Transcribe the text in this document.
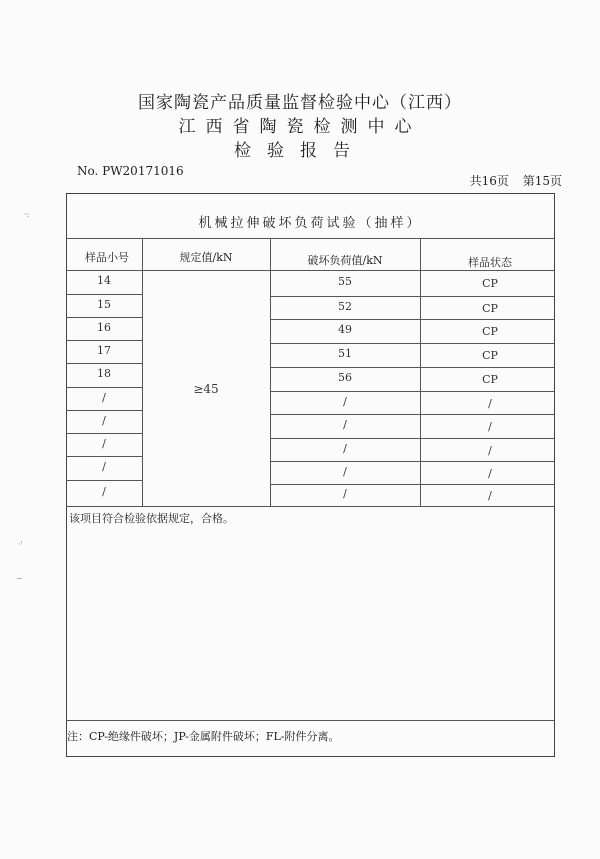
国家陶瓷产品质量监督检验中心（江西）
江西省陶瓷检测中心
检验报告
No. PW20171016
共16页 第15页
机械拉伸破坏负荷试验（抽样）
样品小号	规定值/kN	破坏负荷值/kN	样品状态
≥45
14	55	CP
15	52	CP
16	49	CP
17	51	CP
18	56	CP
/	/	/
/	/	/
/	/	/
/	/	/
/	/	/
该项目符合检验依据规定，合格。
注：CP-绝缘件破坏；JP-金属附件破坏；FL-附件分离。
·:
·'
~
